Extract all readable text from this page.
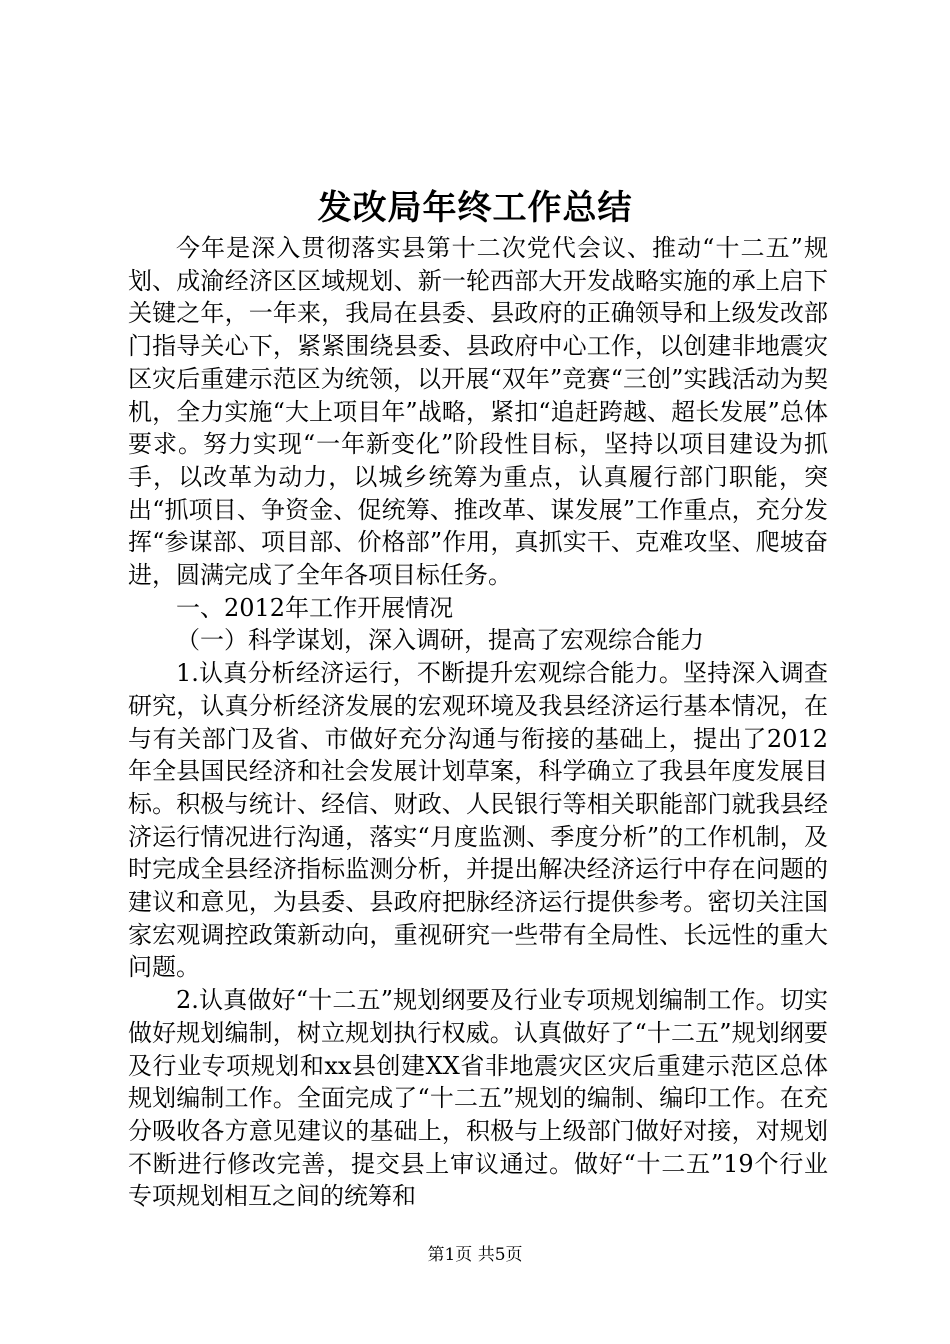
发改局年终工作总结

今年是深入贯彻落实县第十二次党代会议、推动“十二五”规划、成渝经济区区域规划、新一轮西部大开发战略实施的承上启下关键之年，一年来，我局在县委、县政府的正确领导和上级发改部门指导关心下，紧紧围绕县委、县政府中心工作，以创建非地震灾区灾后重建示范区为统领，以开展“双年”竞赛“三创”实践活动为契机，全力实施“大上项目年”战略，紧扣“追赶跨越、超长发展”总体要求。努力实现“一年新变化”阶段性目标，坚持以项目建设为抓手，以改革为动力，以城乡统筹为重点，认真履行部门职能，突出“抓项目、争资金、促统筹、推改革、谋发展”工作重点，充分发挥“参谋部、项目部、价格部”作用，真抓实干、克难攻坚、爬坡奋进，圆满完成了全年各项目标任务。

一、2012年工作开展情况

（一）科学谋划，深入调研，提高了宏观综合能力

1.认真分析经济运行，不断提升宏观综合能力。坚持深入调查研究，认真分析经济发展的宏观环境及我县经济运行基本情况，在与有关部门及省、市做好充分沟通与衔接的基础上，提出了2012年全县国民经济和社会发展计划草案，科学确立了我县年度发展目标。积极与统计、经信、财政、人民银行等相关职能部门就我县经济运行情况进行沟通，落实“月度监测、季度分析”的工作机制，及时完成全县经济指标监测分析，并提出解决经济运行中存在问题的建议和意见，为县委、县政府把脉经济运行提供参考。密切关注国家宏观调控政策新动向，重视研究一些带有全局性、长远性的重大问题。

2.认真做好“十二五”规划纲要及行业专项规划编制工作。切实做好规划编制，树立规划执行权威。认真做好了“十二五”规划纲要及行业专项规划和xx县创建XX省非地震灾区灾后重建示范区总体规划编制工作。全面完成了“十二五”规划的编制、编印工作。在充分吸收各方意见建议的基础上，积极与上级部门做好对接，对规划不断进行修改完善，提交县上审议通过。做好“十二五”19个行业专项规划相互之间的统筹和

第1页 共5页
